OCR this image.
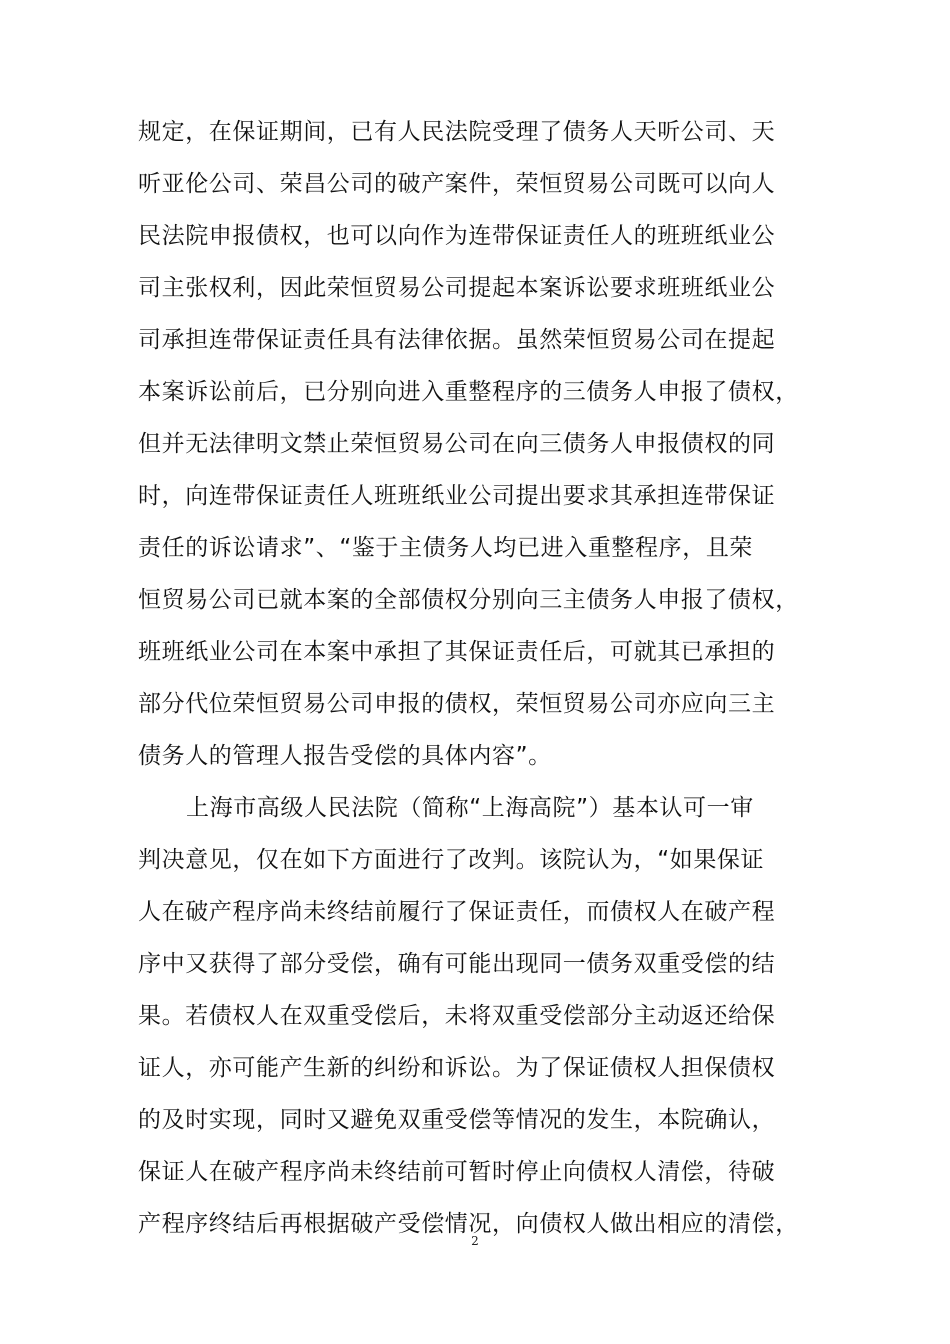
规定，在保证期间，已有人民法院受理了债务人天听公司、天
听亚伦公司、荣昌公司的破产案件，荣恒贸易公司既可以向人
民法院申报债权，也可以向作为连带保证责任人的班班纸业公
司主张权利，因此荣恒贸易公司提起本案诉讼要求班班纸业公
司承担连带保证责任具有法律依据。虽然荣恒贸易公司在提起
本案诉讼前后，已分别向进入重整程序的三债务人申报了债权，
但并无法律明文禁止荣恒贸易公司在向三债务人申报债权的同
时，向连带保证责任人班班纸业公司提出要求其承担连带保证
责任的诉讼请求”、“鉴于主债务人均已进入重整程序，且荣
恒贸易公司已就本案的全部债权分别向三主债务人申报了债权，
班班纸业公司在本案中承担了其保证责任后，可就其已承担的
部分代位荣恒贸易公司申报的债权，荣恒贸易公司亦应向三主
债务人的管理人报告受偿的具体内容”。
上海市高级人民法院（简称“上海高院”）基本认可一审
判决意见，仅在如下方面进行了改判。该院认为，“如果保证
人在破产程序尚未终结前履行了保证责任，而债权人在破产程
序中又获得了部分受偿，确有可能出现同一债务双重受偿的结
果。若债权人在双重受偿后，未将双重受偿部分主动返还给保
证人，亦可能产生新的纠纷和诉讼。为了保证债权人担保债权
的及时实现，同时又避免双重受偿等情况的发生，本院确认，
保证人在破产程序尚未终结前可暂时停止向债权人清偿，待破
产程序终结后再根据破产受偿情况，向债权人做出相应的清偿，
2
